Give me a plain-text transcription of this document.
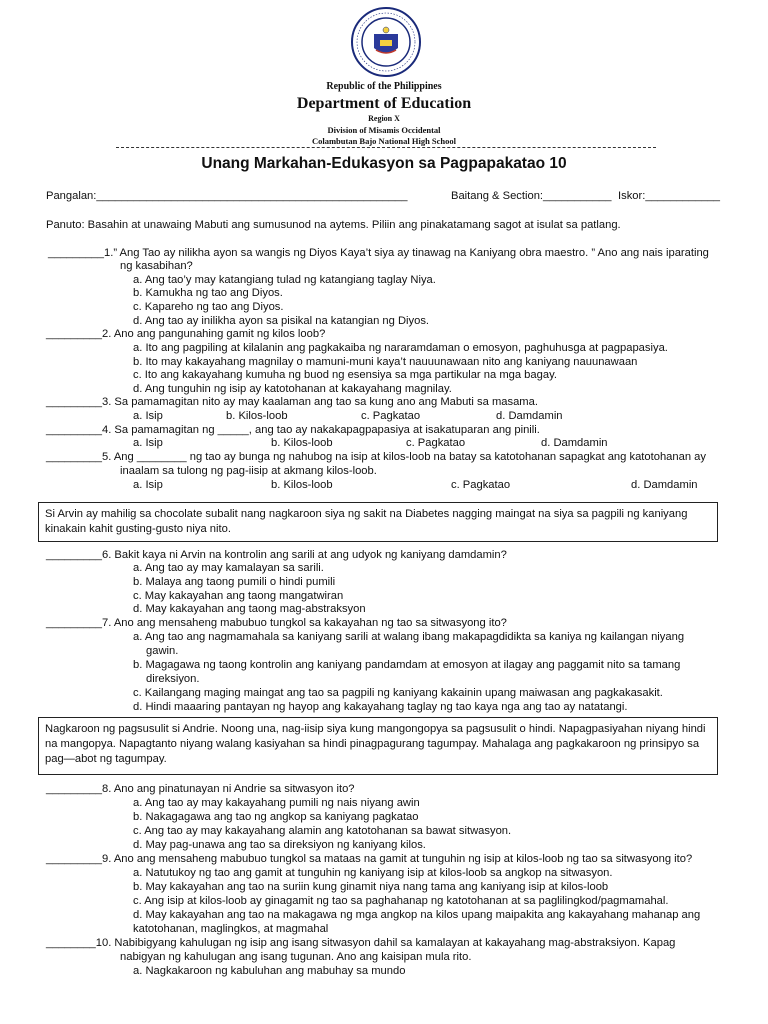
Republic of the Philippines
Department of Education
Region X
Division of Misamis Occidental
Colambutan Bajo National High School
Unang Markahan-Edukasyon sa Pagpapakatao 10
Pangalan:__________________________________________________	Baitang & Section:___________ Iskor:____________
Panuto: Basahin at unawaing Mabuti ang sumusunod na aytems. Piliin ang pinakatamang sagot at isulat sa patlang.
_________1.” Ang Tao ay nilikha ayon sa wangis ng Diyos Kaya’t siya ay tinawag na Kaniyang obra maestro. ” Ano ang nais iparating
ng kasabihan?
a. Ang tao’y may katangiang tulad ng katangiang taglay Niya.
b. Kamukha ng tao ang Diyos.
c. Kapareho ng tao ang Diyos.
d. Ang tao ay inilikha ayon sa pisikal na katangian ng Diyos.
_________2. Ano ang pangunahing gamit ng kilos loob?
a. Ito ang pagpiling at kilalanin ang pagkakaiba ng nararamdaman o emosyon, paghuhusga at pagpapasiya.
b. Ito may kakayahang magnilay o mamuni-muni kaya’t nauuunawaan nito ang kaniyang nauunawaan
c. Ito ang kakayahang kumuha ng buod ng esensiya sa mga partikular na mga bagay.
d. Ang tunguhin ng isip ay katotohanan at kakayahang magnilay.
_________3. Sa pamamagitan nito ay may kaalaman ang tao sa kung ano ang Mabuti sa masama.
a. Isip	b. Kilos-loob	c. Pagkatao	d. Damdamin
_________4. Sa pamamagitan ng _____, ang tao ay nakakapagpapasiya at isakatuparan ang pinili.
a. Isip	b. Kilos-loob	c. Pagkatao	d. Damdamin
_________5. Ang ________ ng tao ay bunga ng nahubog na isip at kilos-loob na batay sa katotohanan sapagkat ang katotohanan ay
inaalam sa tulong ng pag-iisip at akmang kilos-loob.
a. Isip	b. Kilos-loob	c. Pagkatao	d. Damdamin
Si Arvin ay mahilig sa chocolate subalit nang nagkaroon siya ng sakit na Diabetes nagging maingat na siya sa pagpili ng kaniyang kinakain kahit gusting-gusto niya nito.
_________6. Bakit kaya ni Arvin na kontrolin ang sarili at ang udyok ng kaniyang damdamin?
a. Ang tao ay may kamalayan sa sarili.
b. Malaya ang taong pumili o hindi pumili
c. May kakayahan ang taong mangatwiran
d. May kakayahan ang taong mag-abstraksyon
_________7. Ano ang mensaheng mabubuo tungkol sa kakayahan ng tao sa sitwasyong ito?
a. Ang tao ang nagmamahala sa kaniyang sarili at walang ibang makapagdidikta sa kaniya ng kailangan niyang
gawin.
b. Magagawa ng taong kontrolin ang kaniyang pandamdam at emosyon at ilagay ang paggamit nito sa tamang
direksiyon.
c. Kailangang maging maingat ang tao sa pagpili ng kaniyang kakainin upang maiwasan ang pagkakasakit.
d. Hindi maaaring pantayan ng hayop ang kakayahang taglay ng tao kaya nga ang tao ay natatangi.
Nagkaroon ng pagsusulit si Andrie. Noong una, nag-iisip siya kung mangongopya sa pagsusulit o hindi. Napagpasiyahan niyang hindi na mangopya. Napagtanto niyang walang kasiyahan sa hindi pinagpagurang tagumpay. Mahalaga ang pagkakaroon ng prinsipyo sa pag—abot ng tagumpay.
_________8. Ano ang pinatunayan ni Andrie sa sitwasyon ito?
a. Ang tao ay may kakayahang pumili ng nais niyang awin
b. Nakagagawa ang tao ng angkop sa kaniyang pagkatao
c. Ang tao ay may kakayahang alamin ang katotohanan sa bawat sitwasyon.
d. May pag-unawa ang tao sa direksiyon ng kaniyang kilos.
_________9. Ano ang mensaheng mabubuo tungkol sa mataas na gamit at tunguhin ng isip at kilos-loob ng tao sa sitwasyong ito?
a. Natutukoy ng tao ang gamit at tunguhin ng kaniyang isip at kilos-loob sa angkop na sitwasyon.
b. May kakayahan ang tao na suriin kung ginamit niya nang tama ang kaniyang isip at kilos-loob
c. Ang isip at kilos-loob ay ginagamit ng tao sa paghahanap ng katotohanan at sa paglilingkod/pagmamahal.
d. May kakayahan ang tao na makagawa ng mga angkop na kilos upang maipakita ang kakayahang mahanap ang
katotohanan, maglingkos, at magmahal
________10. Nabibigyang kahulugan ng isip ang isang sitwasyon dahil sa kamalayan at kakayahang mag-abstraksiyon. Kapag
nabigyan ng kahulugan ang isang tugunan. Ano ang kaisipan mula rito.
a. Nagkakaroon ng kabuluhan ang mabuhay sa mundo
